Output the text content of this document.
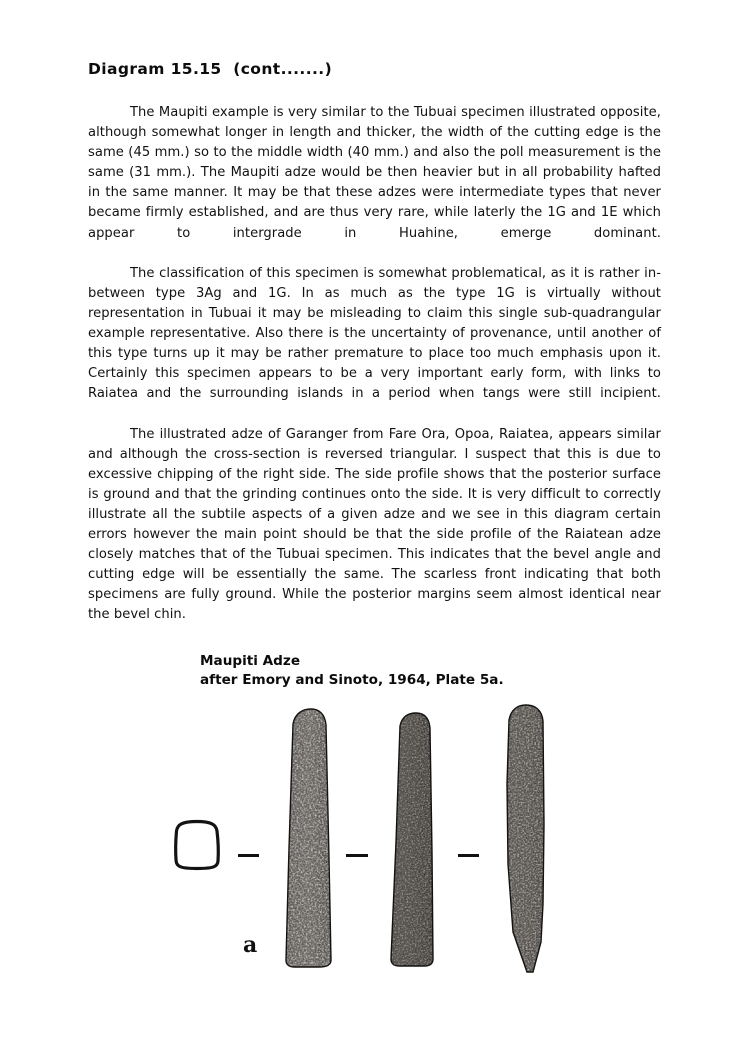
Diagram 15.15  (cont.......)

The Maupiti example is very similar to the Tubuai specimen illustrated opposite, although somewhat longer in length and thicker, the width of the cutting edge is the same (45 mm.) so to the middle width (40 mm.) and also the poll measurement is the same (31 mm.). The Maupiti adze would be then heavier but in all probability hafted in the same manner. It may be that these adzes were intermediate types that never became firmly established, and are thus very rare, while laterly the 1G and 1E which appear to intergrade in Huahine, emerge dominant.

The classification of this specimen is somewhat problematical, as it is rather in-between type 3Ag and 1G. In as much as the type 1G is virtually without representation in Tubuai it may be misleading to claim this single sub-quadrangular example representative. Also there is the uncertainty of provenance, until another of this type turns up it may be rather premature to place too much emphasis upon it. Certainly this specimen appears to be a very important early form, with links to Raiatea and the surrounding islands in a period when tangs were still incipient.

The illustrated adze of Garanger from Fare Ora, Opoa, Raiatea, appears similar and although the cross-section is reversed triangular. I suspect that this is due to excessive chipping of the right side. The side profile shows that the posterior surface is ground and that the grinding continues onto the side. It is very difficult to correctly illustrate all the subtile aspects of a given adze and we see in this diagram certain errors however the main point should be that the side profile of the Raiatean adze closely matches that of the Tubuai specimen. This indicates that the bevel angle and cutting edge will be essentially the same. The scarless front indicating that both specimens are fully ground. While the posterior margins seem almost identical near the bevel chin.

Maupiti Adze
after Emory and Sinoto, 1964, Plate 5a.
a
